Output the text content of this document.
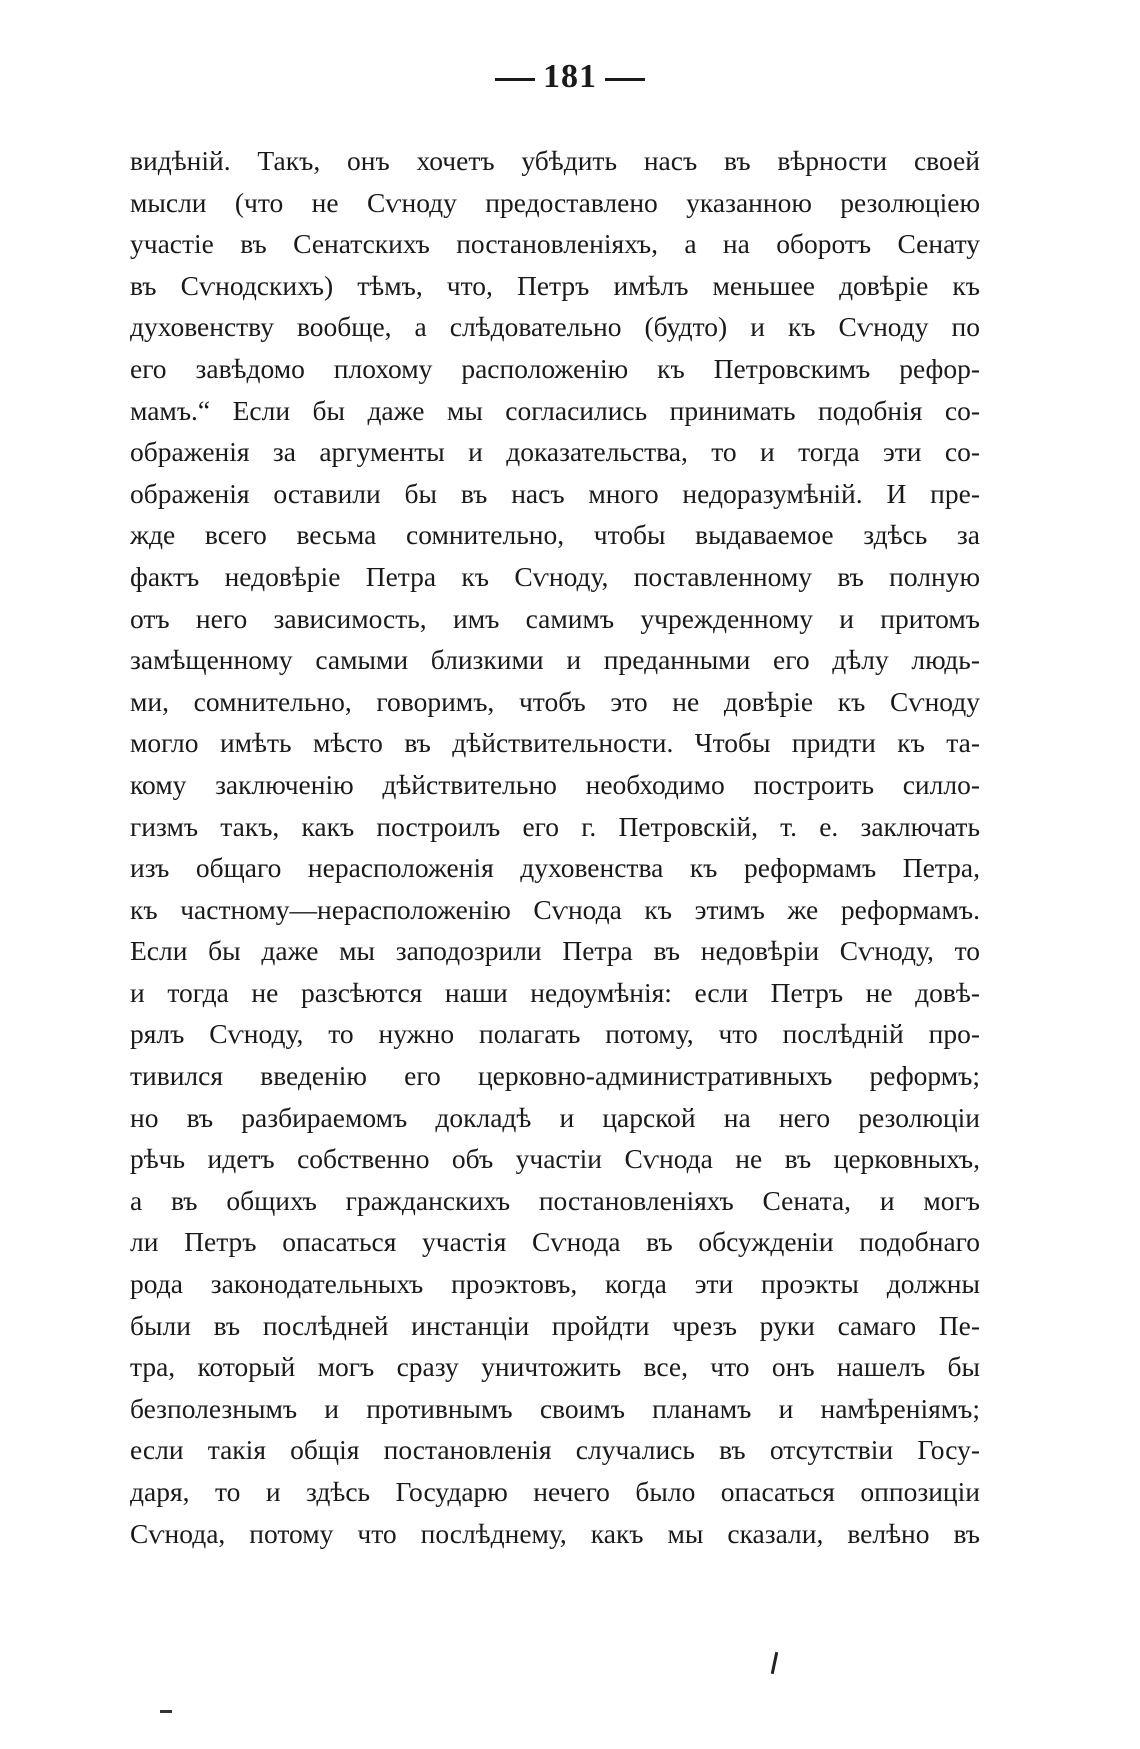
181
видѣній. Такъ, онъ хочетъ убѣдить насъ въ вѣрности своей
мысли (что не Сѵноду предоставлено указанною резолюціею
участіе въ Сенатскихъ постановленіяхъ, а на оборотъ Сенату
въ Сѵнодскихъ) тѣмъ, что, Петръ имѣлъ меньшее довѣріе къ
духовенству вообще, а слѣдовательно (будто) и къ Сѵноду по
его завѣдомо плохому расположенію къ Петровскимъ рефор-
мамъ.“ Если бы даже мы согласились принимать подобнія со-
ображенія за аргументы и доказательства, то и тогда эти со-
ображенія оставили бы въ насъ много недоразумѣній. И пре-
жде всего весьма сомнительно, чтобы выдаваемое здѣсь за
фактъ недовѣріе Петра къ Сѵноду, поставленному въ полную
отъ него зависимость, имъ самимъ учрежденному и притомъ
замѣщенному самыми близкими и преданными его дѣлу людь-
ми, сомнительно, говоримъ, чтобъ это не довѣріе къ Сѵноду
могло имѣть мѣсто въ дѣйствительности. Чтобы придти къ та-
кому заключенію дѣйствительно необходимо построить силло-
гизмъ такъ, какъ построилъ его г. Петровскій, т. е. заключать
изъ общаго нерасположенія духовенства къ реформамъ Петра,
къ частному—нерасположенію Сѵнода къ этимъ же реформамъ.
Если бы даже мы заподозрили Петра въ недовѣріи Сѵноду, то
и тогда не разсѣются наши недоумѣнія: если Петръ не довѣ-
рялъ Сѵноду, то нужно полагать потому, что послѣдній про-
тивился введенію его церковно-административныхъ реформъ;
но въ разбираемомъ докладѣ и царской на него резолюціи
рѣчь идетъ собственно объ участіи Сѵнода не въ церковныхъ,
а въ общихъ гражданскихъ постановленіяхъ Сената, и могъ
ли Петръ опасаться участія Сѵнода въ обсужденіи подобнаго
рода законодательныхъ проэктовъ, когда эти проэкты должны
были въ послѣдней инстанціи пройдти чрезъ руки самаго Пе-
тра, который могъ сразу уничтожить все, что онъ нашелъ бы
безполезнымъ и противнымъ своимъ планамъ и намѣреніямъ;
если такія общія постановленія случались въ отсутствіи Госу-
даря, то и здѣсь Государю нечего было опасаться оппозиціи
Сѵнода, потому что послѣднему, какъ мы сказали, велѣно въ
